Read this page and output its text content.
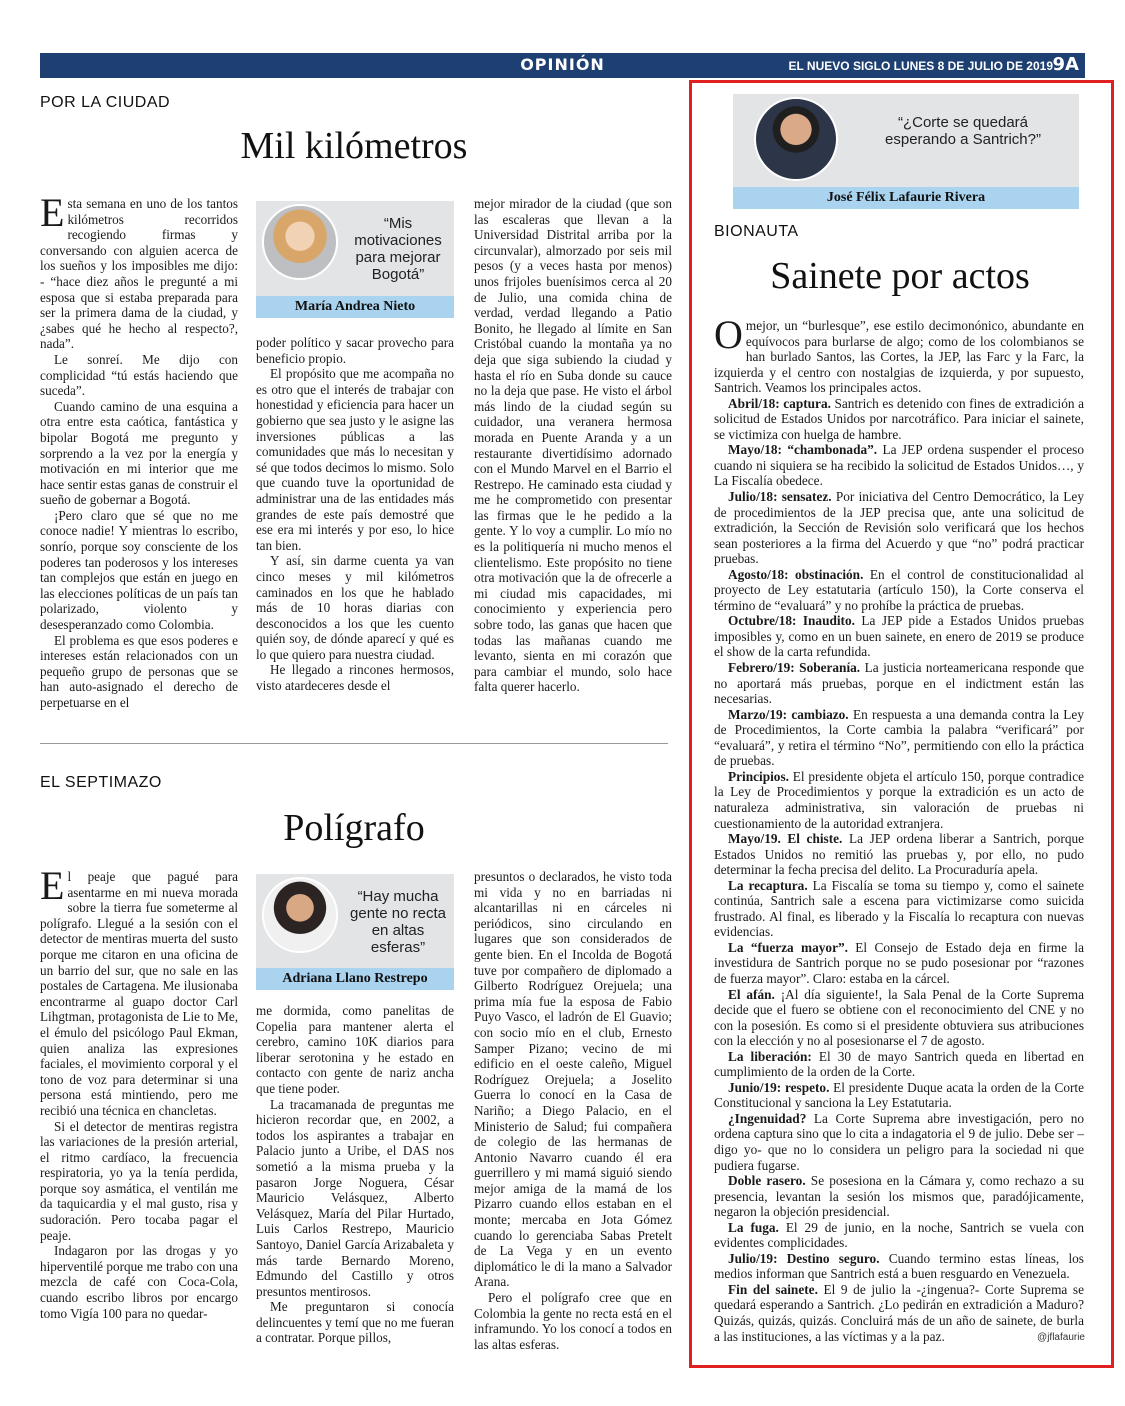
OPINIÓN	EL NUEVO SIGLO LUNES 8 DE JULIO DE 2019 9A
POR LA CIUDAD
Mil kilómetros

Esta semana en uno de los tantos kilómetros recorridos recogiendo firmas y conversando con alguien acerca de los sueños y los imposibles me dijo: - “hace diez años le pregunté a mi esposa que si estaba preparada para ser la primera dama de la ciudad, y ¿sabes qué he hecho al respecto?, nada”.

Le sonreí. Me dijo con complicidad “tú estás haciendo que suceda”.

Cuando camino de una esquina a otra entre esta caótica, fantástica y bipolar Bogotá me pregunto y sorprendo a la vez por la energía y motivación en mi interior que me hace sentir estas ganas de construir el sueño de gobernar a Bogotá.

¡Pero claro que sé que no me conoce nadie! Y mientras lo escribo, sonrío, porque soy consciente de los poderes tan poderosos y los intereses tan complejos que están en juego en las elecciones políticas de un país tan polarizado, violento y desesperanzado como Colombia.

El problema es que esos poderes e intereses están relacionados con un pequeño grupo de personas que se han auto-asignado el derecho de perpetuarse en el

“Mis motivaciones para mejorar Bogotá”
María Andrea Nieto

poder político y sacar provecho para beneficio propio.

El propósito que me acompaña no es otro que el interés de trabajar con honestidad y eficiencia para hacer un gobierno que sea justo y le asigne las inversiones públicas a las comunidades que más lo necesitan y sé que todos decimos lo mismo. Solo que cuando tuve la oportunidad de administrar una de las entidades más grandes de este país demostré que ese era mi interés y por eso, lo hice tan bien.

Y así, sin darme cuenta ya van cinco meses y mil kilómetros caminados en los que he hablado más de 10 horas diarias con desconocidos a los que les cuento quién soy, de dónde aparecí y qué es lo que quiero para nuestra ciudad.

He llegado a rincones hermosos, visto atardeceres desde el

mejor mirador de la ciudad (que son las escaleras que llevan a la Universidad Distrital arriba por la circunvalar), almorzado por seis mil pesos (y a veces hasta por menos) unos frijoles buenísimos cerca al 20 de Julio, una comida china de verdad, verdad llegando a Patio Bonito, he llegado al límite en San Cristóbal cuando la montaña ya no deja que siga subiendo la ciudad y hasta el río en Suba donde su cauce no la deja que pase. He visto el árbol más lindo de la ciudad según su cuidador, una veranera hermosa morada en Puente Aranda y a un restaurante divertidísimo adornado con el Mundo Marvel en el Barrio el Restrepo. He caminado esta ciudad y me he comprometido con presentar las firmas que le he pedido a la gente. Y lo voy a cumplir. Lo mío no es la politiquería ni mucho menos el clientelismo. Este propósito no tiene otra motivación que la de ofrecerle a mi ciudad mis capacidades, mi conocimiento y experiencia pero sobre todo, las ganas que hacen que todas las mañanas cuando me levanto, sienta en mi corazón que para cambiar el mundo, solo hace falta querer hacerlo.

EL SEPTIMAZO
Polígrafo

El peaje que pagué para asentarme en mi nueva morada sobre la tierra fue someterme al polígrafo. Llegué a la sesión con el detector de mentiras muerta del susto porque me citaron en una oficina de un barrio del sur, que no sale en las postales de Cartagena. Me ilusionaba encontrarme al guapo doctor Carl Lihgtman, protagonista de Lie to Me, el émulo del psicólogo Paul Ekman, quien analiza las expresiones faciales, el movimiento corporal y el tono de voz para determinar si una persona está mintiendo, pero me recibió una técnica en chancletas.

Si el detector de mentiras registra las variaciones de la presión arterial, el ritmo cardíaco, la frecuencia respiratoria, yo ya la tenía perdida, porque soy asmática, el ventilán me da taquicardia y el mal gusto, risa y sudoración. Pero tocaba pagar el peaje.

Indagaron por las drogas y yo hiperventilé porque me trabo con una mezcla de café con Coca-Cola, cuando escribo libros por encargo tomo Vigía 100 para no quedar-

“Hay mucha gente no recta en altas esferas”
Adriana Llano Restrepo

me dormida, como panelitas de Copelia para mantener alerta el cerebro, camino 10K diarios para liberar serotonina y he estado en contacto con gente de nariz ancha que tiene poder.

La tracamanada de preguntas me hicieron recordar que, en 2002, a todos los aspirantes a trabajar en Palacio junto a Uribe, el DAS nos sometió a la misma prueba y la pasaron Jorge Noguera, César Mauricio Velásquez, Alberto Velásquez, María del Pilar Hurtado, Luis Carlos Restrepo, Mauricio Santoyo, Daniel García Arizabaleta y más tarde Bernardo Moreno, Edmundo del Castillo y otros presuntos mentirosos.

Me preguntaron si conocía delincuentes y temí que no me fueran a contratar. Porque pillos,

presuntos o declarados, he visto toda mi vida y no en barriadas ni alcantarillas ni en cárceles ni periódicos, sino circulando en lugares que son considerados de gente bien. En el Incolda de Bogotá tuve por compañero de diplomado a Gilberto Rodríguez Orejuela; una prima mía fue la esposa de Fabio Puyo Vasco, el ladrón de El Guavio; con socio mío en el club, Ernesto Samper Pizano; vecino de mi edificio en el oeste caleño, Miguel Rodríguez Orejuela; a Joselito Guerra lo conocí en la Casa de Nariño; a Diego Palacio, en el Ministerio de Salud; fui compañera de colegio de las hermanas de Antonio Navarro cuando él era guerrillero y mi mamá siguió siendo mejor amiga de la mamá de los Pizarro cuando ellos estaban en el monte; mercaba en Jota Gómez cuando lo gerenciaba Sabas Pretelt de La Vega y en un evento diplomático le di la mano a Salvador Arana.

Pero el polígrafo cree que en Colombia la gente no recta está en el inframundo. Yo los conocí a todos en las altas esferas.

“¿Corte se quedará esperando a Santrich?”
José Félix Lafaurie Rivera
BIONAUTA
Sainete por actos

Omejor, un “burlesque”, ese estilo decimonónico, abundante en equívocos para burlarse de algo; como de los colombianos se han burlado Santos, las Cortes, la JEP, las Farc y la Farc, la izquierda y el centro con nostalgias de izquierda, y por supuesto, Santrich. Veamos los principales actos.

Abril/18: captura. Santrich es detenido con fines de extradición a solicitud de Estados Unidos por narcotráfico. Para iniciar el sainete, se victimiza con huelga de hambre.

Mayo/18: “chambonada”. La JEP ordena suspender el proceso cuando ni siquiera se ha recibido la solicitud de Estados Unidos…, y La Fiscalía obedece.

Julio/18: sensatez. Por iniciativa del Centro Democrático, la Ley de procedimientos de la JEP precisa que, ante una solicitud de extradición, la Sección de Revisión solo verificará que los hechos sean posteriores a la firma del Acuerdo y que “no” podrá practicar pruebas.

Agosto/18: obstinación. En el control de constitucionalidad al proyecto de Ley estatutaria (artículo 150), la Corte conserva el término de “evaluará” y no prohíbe la práctica de pruebas.

Octubre/18: Inaudito. La JEP pide a Estados Unidos pruebas imposibles y, como en un buen sainete, en enero de 2019 se produce el show de la carta refundida.

Febrero/19: Soberanía. La justicia norteamericana responde que no aportará más pruebas, porque en el indictment están las necesarias.

Marzo/19: cambiazo. En respuesta a una demanda contra la Ley de Procedimientos, la Corte cambia la palabra “verificará” por “evaluará”, y retira el término “No”, permitiendo con ello la práctica de pruebas.

Principios. El presidente objeta el artículo 150, porque contradice la Ley de Procedimientos y porque la extradición es un acto de naturaleza administrativa, sin valoración de pruebas ni cuestionamiento de la autoridad extranjera.

Mayo/19. El chiste. La JEP ordena liberar a Santrich, porque Estados Unidos no remitió las pruebas y, por ello, no pudo determinar la fecha precisa del delito. La Procuraduría apela.

La recaptura. La Fiscalía se toma su tiempo y, como el sainete continúa, Santrich sale a escena para victimizarse como suicida frustrado. Al final, es liberado y la Fiscalía lo recaptura con nuevas evidencias.

La “fuerza mayor”. El Consejo de Estado deja en firme la investidura de Santrich porque no se pudo posesionar por “razones de fuerza mayor”. Claro: estaba en la cárcel.

El afán. ¡Al día siguiente!, la Sala Penal de la Corte Suprema decide que el fuero se obtiene con el reconocimiento del CNE y no con la posesión. Es como si el presidente obtuviera sus atribuciones con la elección y no al posesionarse el 7 de agosto.

La liberación: El 30 de mayo Santrich queda en libertad en cumplimiento de la orden de la Corte.

Junio/19: respeto. El presidente Duque acata la orden de la Corte Constitucional y sanciona la Ley Estatutaria.

¿Ingenuidad? La Corte Suprema abre investigación, pero no ordena captura sino que lo cita a indagatoria el 9 de julio. Debe ser –digo yo- que no lo considera un peligro para la sociedad ni que pudiera fugarse.

Doble rasero. Se posesiona en la Cámara y, como rechazo a su presencia, levantan la sesión los mismos que, paradójicamente, negaron la objeción presidencial.

La fuga. El 29 de junio, en la noche, Santrich se vuela con evidentes complicidades.

Julio/19: Destino seguro. Cuando termino estas líneas, los medios informan que Santrich está a buen resguardo en Venezuela.

Fin del sainete. El 9 de julio la -¿ingenua?- Corte Suprema se quedará esperando a Santrich. ¿Lo pedirán en extradición a Maduro? Quizás, quizás, quizás. Concluirá más de un año de sainete, de burla a las instituciones, a las víctimas y a la paz.	@jflafaurie
